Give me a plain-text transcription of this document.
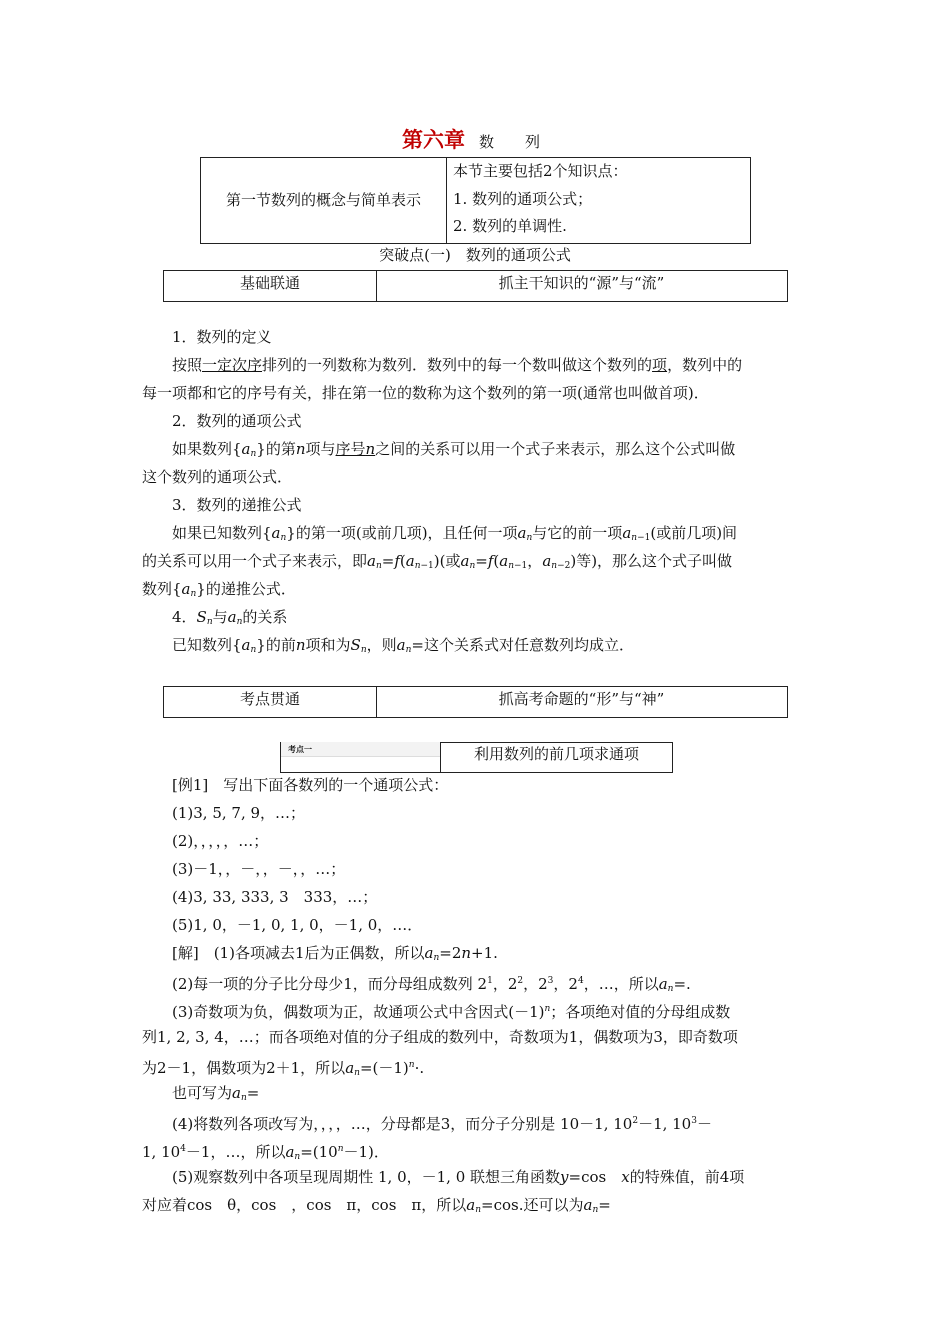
第六章 数　列
第一节数列的概念与简单表示
本节主要包括2个知识点：
1. 数列的通项公式；
2. 数列的单调性.
突破点(一)　数列的通项公式
基础联通	抓主干知识的“源”与“流”
1．数列的定义
按照一定次序排列的一列数称为数列．数列中的每一个数叫做这个数列的项，数列中的
每一项都和它的序号有关，排在第一位的数称为这个数列的第一项(通常也叫做首项)．
2．数列的通项公式
如果数列$\{a_n\}$的第n项与序号n之间的关系可以用一个式子来表示，那么这个公式叫做
这个数列的通项公式．
3．数列的递推公式
如果已知数列$\{a_n\}$的第一项(或前几项)，且任何一项$a_n$与它的前一项$a_{n-1}$(或前几项)间
的关系可以用一个式子来表示，即$a_n=f(a_{n-1})$(或$a_n=f(a_{n-1}$，$a_{n-2}$)等)，那么这个式子叫做
数列$\{a_n\}$的递推公式．
4．$S_n$与$a_n$的关系
已知数列$\{a_n\}$的前n项和为$S_n$，则$a_n=$这个关系式对任意数列均成立．
考点贯通	抓高考命题的“形”与“神”
考点一	利用数列的前几项求通项
[例1]　写出下面各数列的一个通项公式：
(1)3, 5, 7, 9，…；
(2)，，，，，…；
(3)－1，，－，，－，，…；
(4)3, 33, 333, 3　333，…；
(5)1, 0，－1, 0, 1, 0，－1, 0，…．
[解]　(1)各项减去1后为正偶数，所以$a_n=2n+1$.
(2)每一项的分子比分母少1，而分母组成数列 $2^1$，$2^2$，$2^3$，$2^4$，…，所以$a_n=$.
(3)奇数项为负，偶数项为正，故通项公式中含因式$(-1)^n$；各项绝对值的分母组成数
列1, 2, 3, 4，…；而各项绝对值的分子组成的数列中，奇数项为1，偶数项为3，即奇数项
为2－1，偶数项为2＋1，所以$a_n=(-1)^n\cdot$.
也可写为$a_n=$
(4)将数列各项改写为，，，，…，分母都是3，而分子分别是 10－1, $10^2-1$, $10^3-$
1, $10^4-1$，…，所以$a_n=(10^n-1)$．
(5)观察数列中各项呈现周期性 1, 0，－1, 0 联想三角函数y=cos　x的特殊值，前4项
对应着cos　θ，cos　，cos　π，cos　π，所以$a_n=\cos$.还可以为$a_n=$
